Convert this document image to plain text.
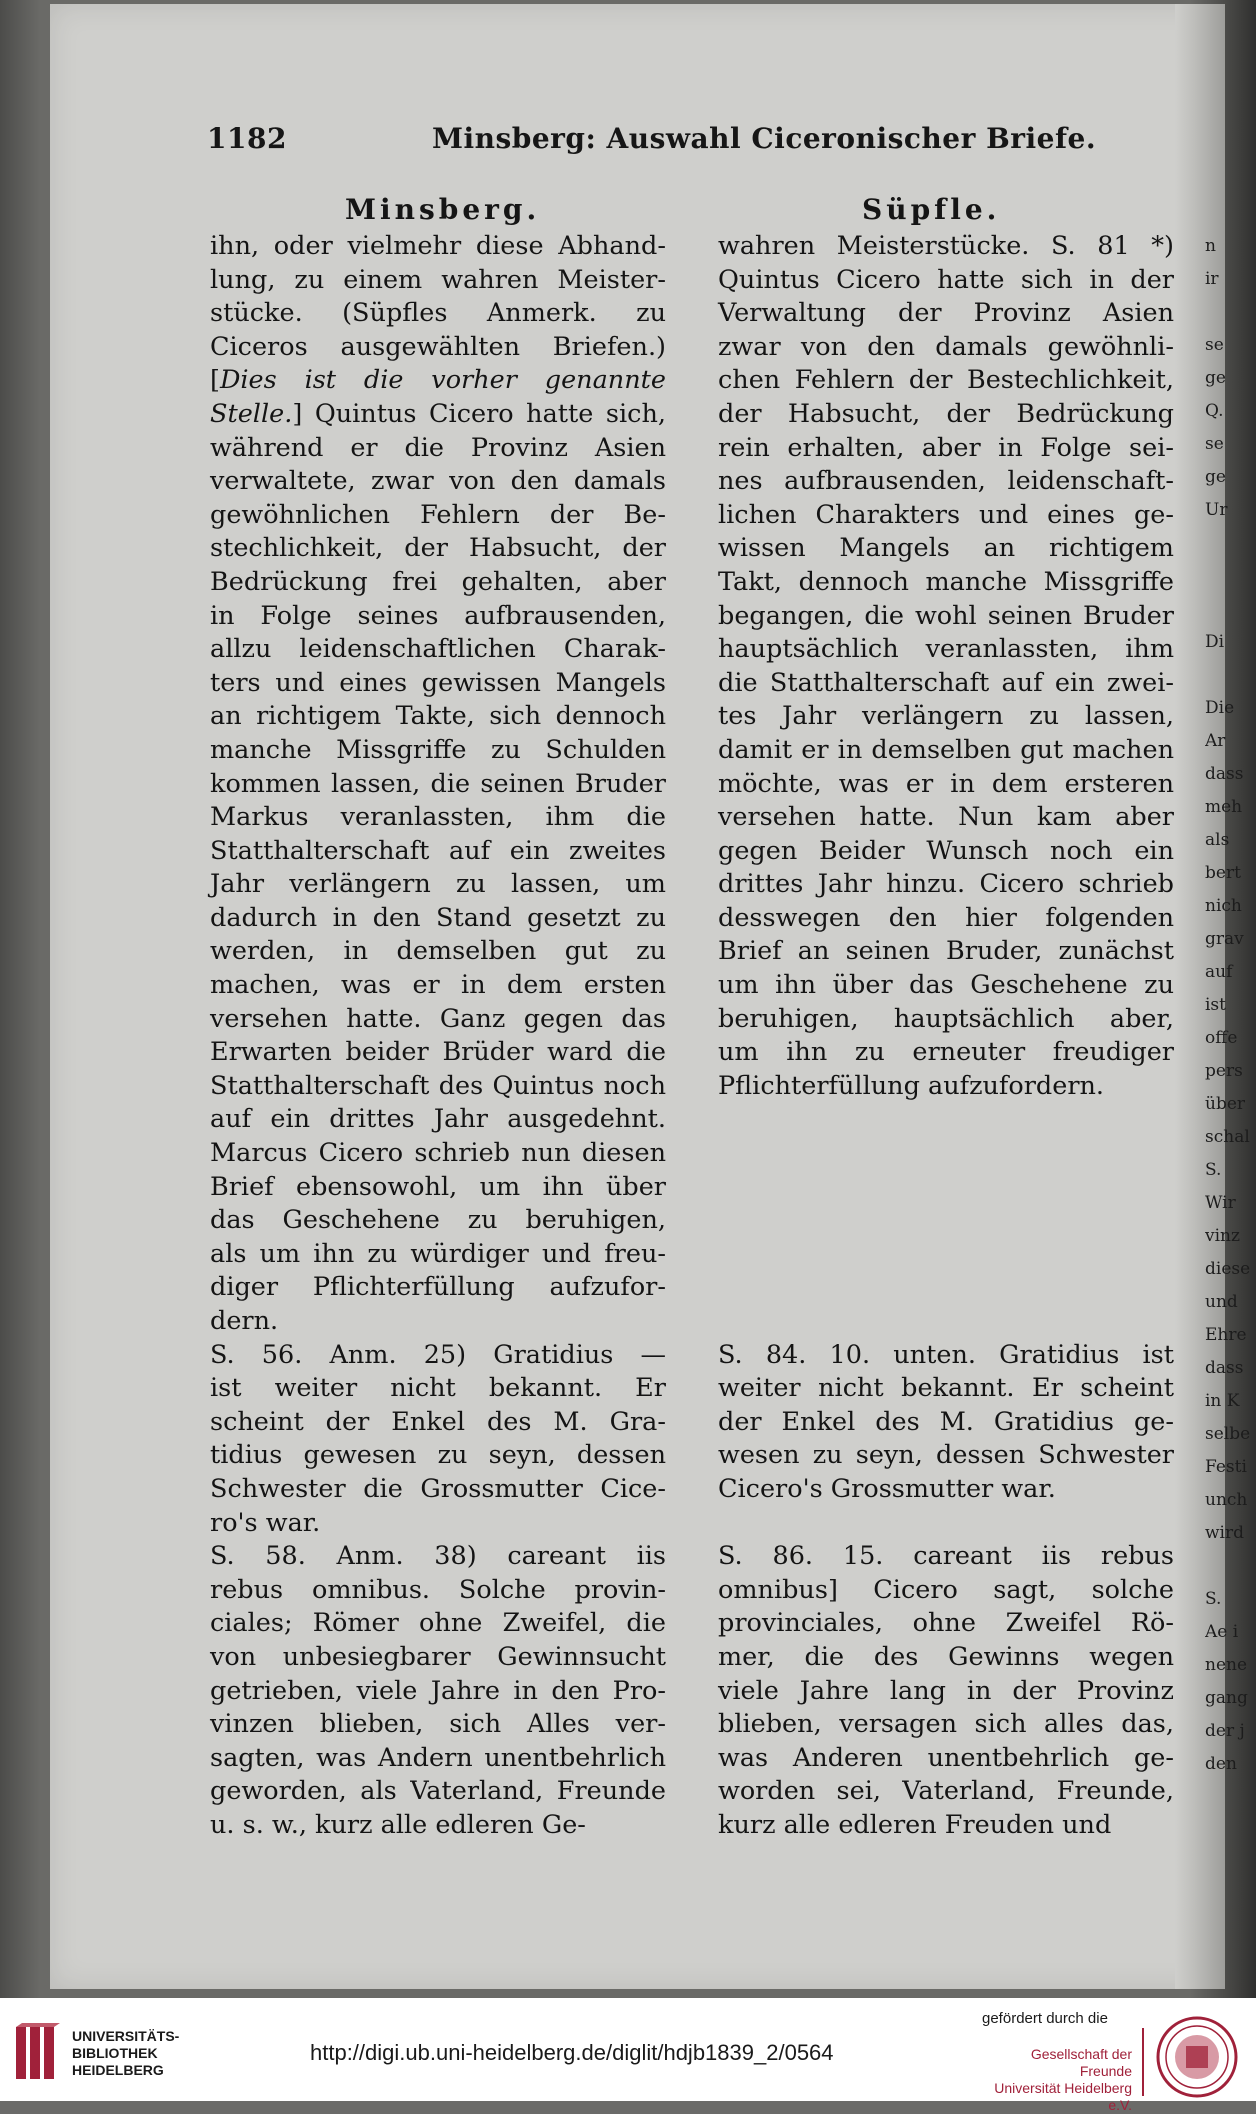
1182	Minsberg: Auswahl Ciceronischer Briefe.
Minsberg.	Süpfle.

ihn, oder vielmehr diese Abhand-

lung, zu einem wahren Meister-

stücke. (Süpfles Anmerk. zu

Ciceros ausgewählten Briefen.)

[Dies ist die vorher genannte

Stelle.] Quintus Cicero hatte sich,

während er die Provinz Asien

verwaltete, zwar von den damals

gewöhnlichen Fehlern der Be-

stechlichkeit, der Habsucht, der

Bedrückung frei gehalten, aber

in Folge seines aufbrausenden,

allzu leidenschaftlichen Charak-

ters und eines gewissen Mangels

an richtigem Takte, sich dennoch

manche Missgriffe zu Schulden

kommen lassen, die seinen Bruder

Markus veranlassten, ihm die

Statthalterschaft auf ein zweites

Jahr verlängern zu lassen, um

dadurch in den Stand gesetzt zu

werden, in demselben gut zu

machen, was er in dem ersten

versehen hatte. Ganz gegen das

Erwarten beider Brüder ward die

Statthalterschaft des Quintus noch

auf ein drittes Jahr ausgedehnt.

Marcus Cicero schrieb nun diesen

Brief ebensowohl, um ihn über

das Geschehene zu beruhigen,

als um ihn zu würdiger und freu-

diger Pflichterfüllung aufzufor-

dern.

S. 56. Anm. 25) Gratidius —

ist weiter nicht bekannt. Er

scheint der Enkel des M. Gra-

tidius gewesen zu seyn, dessen

Schwester die Grossmutter Cice-

ro's war.

S. 58. Anm. 38) careant iis

rebus omnibus. Solche provin-

ciales; Römer ohne Zweifel, die

von unbesiegbarer Gewinnsucht

getrieben, viele Jahre in den Pro-

vinzen blieben, sich Alles ver-

sagten, was Andern unentbehrlich

geworden, als Vaterland, Freunde

u. s. w., kurz alle edleren Ge-

wahren Meisterstücke. S. 81 *)

Quintus Cicero hatte sich in der

Verwaltung der Provinz Asien

zwar von den damals gewöhnli-

chen Fehlern der Bestechlichkeit,

der Habsucht, der Bedrückung

rein erhalten, aber in Folge sei-

nes aufbrausenden, leidenschaft-

lichen Charakters und eines ge-

wissen Mangels an richtigem

Takt, dennoch manche Missgriffe

begangen, die wohl seinen Bruder

hauptsächlich veranlassten, ihm

die Statthalterschaft auf ein zwei-

tes Jahr verlängern zu lassen,

damit er in demselben gut machen

möchte, was er in dem ersteren

versehen hatte. Nun kam aber

gegen Beider Wunsch noch ein

drittes Jahr hinzu. Cicero schrieb

desswegen den hier folgenden

Brief an seinen Bruder, zunächst

um ihn über das Geschehene zu

beruhigen, hauptsächlich aber,

um ihn zu erneuter freudiger

Pflichterfüllung aufzufordern.

S. 84. 10. unten. Gratidius ist

weiter nicht bekannt. Er scheint

der Enkel des M. Gratidius ge-

wesen zu seyn, dessen Schwester

Cicero's Grossmutter war.

S. 86. 15. careant iis rebus

omnibus] Cicero sagt, solche

provinciales, ohne Zweifel Rö-

mer, die des Gewinns wegen

viele Jahre lang in der Provinz

blieben, versagen sich alles das,

was Anderen unentbehrlich ge-

worden sei, Vaterland, Freunde,

kurz alle edleren Freuden und

n
ir

se
ge
Q.
se
ge
Ur

Di

Die
Ar
dass
meh
als
bert
nich
grav
auf
ist
offe
pers
über
schal
S.
Wir
vinz
diese
und
Ehre
dass
in K
selbe
Festi
unch
wird

S.
Ae i
nene
gang
der j
den
UNIVERSITÄTS-
BIBLIOTHEK
HEIDELBERG
http://digi.ub.uni-heidelberg.de/diglit/hdjb1839_2/0564
gefördert durch die
Gesellschaft der Freunde
Universität Heidelberg e.V.
